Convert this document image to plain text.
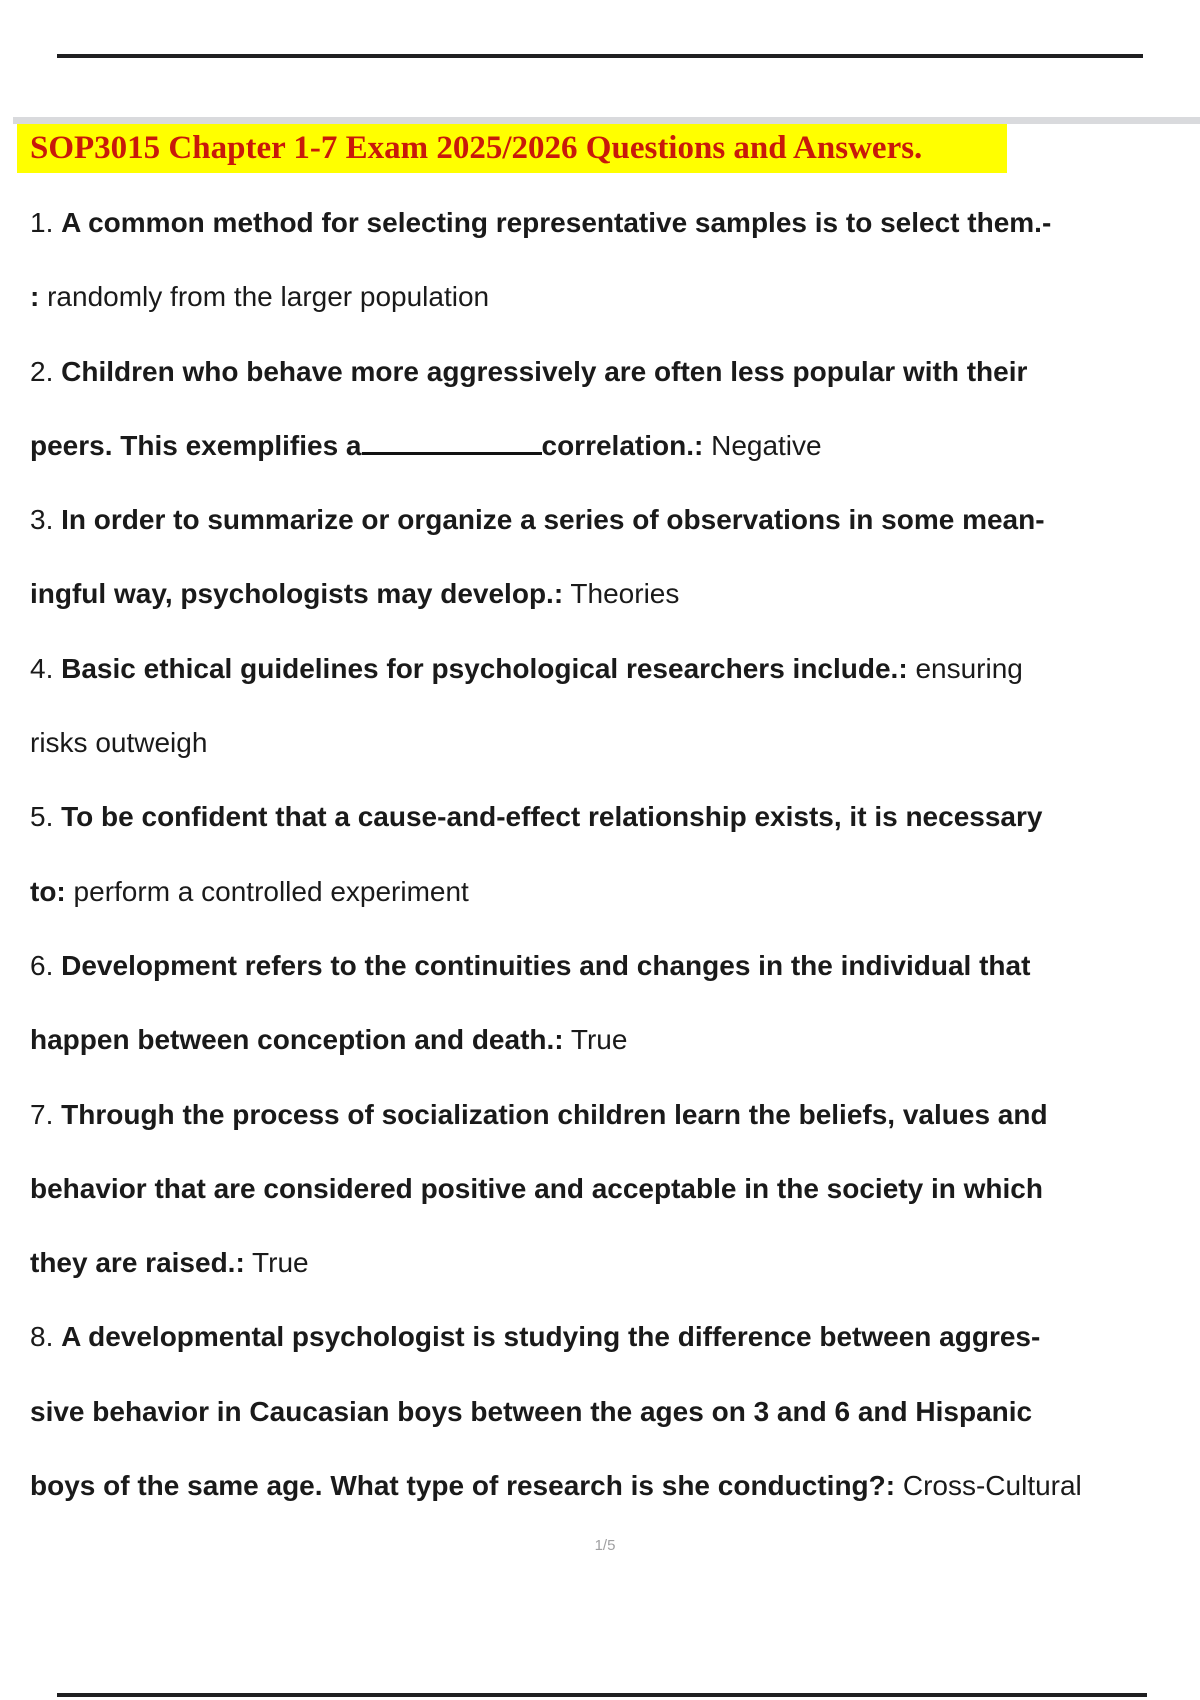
SOP3015 Chapter 1-7 Exam 2025/2026 Questions and Answers.
1. A common method for selecting representative samples is to select them.-
: randomly from the larger population
2. Children who behave more aggressively are often less popular with their
peers. This exemplifies a	correlation.: Negative
3. In order to summarize or organize a series of observations in some mean-
ingful way, psychologists may develop.: Theories
4. Basic ethical guidelines for psychological researchers include.: ensuring
risks outweigh
5. To be confident that a cause-and-effect relationship exists, it is necessary
to: perform a controlled experiment
6. Development refers to the continuities and changes in the individual that
happen between conception and death.: True
7. Through the process of socialization children learn the beliefs, values and
behavior that are considered positive and acceptable in the society in which
they are raised.: True
8. A developmental psychologist is studying the difference between aggres-
sive behavior in Caucasian boys between the ages on 3 and 6 and Hispanic
boys of the same age. What type of research is she conducting?: Cross-Cultural
1/5
